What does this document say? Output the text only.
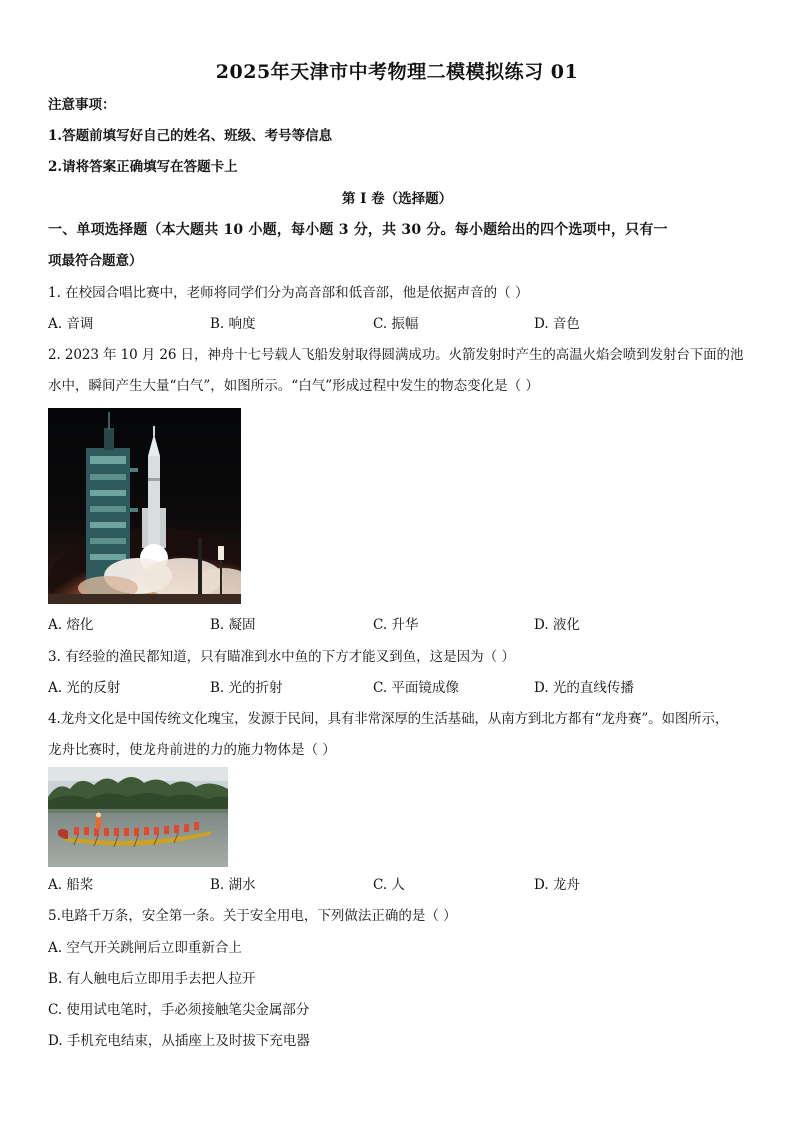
2025年天津市中考物理二模模拟练习 01
注意事项：
1.答题前填写好自己的姓名、班级、考号等信息
2.请将答案正确填写在答题卡上
第 I 卷（选择题）
一、单项选择题（本大题共 10 小题，每小题 3 分，共 30 分。每小题给出的四个选项中，只有一
项最符合题意）
1. 在校园合唱比赛中，老师将同学们分为高音部和低音部，他是依据声音的（ ）
A. 音调	B. 响度	C. 振幅	D. 音色
2. 2023 年 10 月 26 日，神舟十七号载人飞船发射取得圆满成功。火箭发射时产生的高温火焰会喷到发射台下面的池
水中，瞬间产生大量“白气”，如图所示。“白气”形成过程中发生的物态变化是（ ）
A. 熔化	B. 凝固	C. 升华	D. 液化
3. 有经验的渔民都知道，只有瞄准到水中鱼的下方才能叉到鱼，这是因为（ ）
A. 光的反射	B. 光的折射	C. 平面镜成像	D. 光的直线传播
4.龙舟文化是中国传统文化瑰宝，发源于民间，具有非常深厚的生活基础，从南方到北方都有“龙舟赛”。如图所示，
龙舟比赛时，使龙舟前进的力的施力物体是（ ）
A. 船桨	B. 湖水	C. 人	D. 龙舟
5.电路千万条，安全第一条。关于安全用电，下列做法正确的是（ ）
A. 空气开关跳闸后立即重新合上
B. 有人触电后立即用手去把人拉开
C. 使用试电笔时，手必须接触笔尖金属部分
D. 手机充电结束，从插座上及时拔下充电器
